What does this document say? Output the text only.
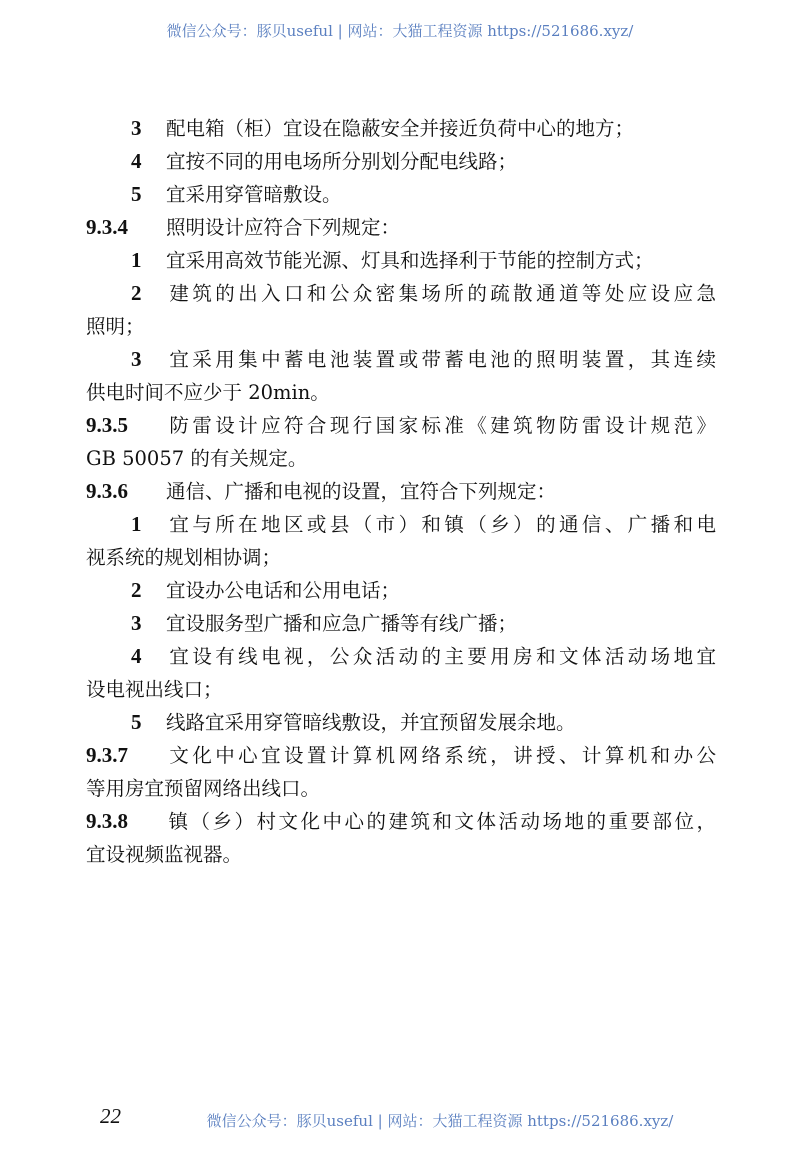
微信公众号：豚贝useful | 网站：大猫工程资源 https://521686.xyz/
3 配电箱（柜）宜设在隐蔽安全并接近负荷中心的地方；
4 宜按不同的用电场所分别划分配电线路；
5 宜采用穿管暗敷设。
9.3.4 照明设计应符合下列规定：
1 宜采用高效节能光源、灯具和选择利于节能的控制方式；
2 建筑的出入口和公众密集场所的疏散通道等处应设应急
照明；
3 宜采用集中蓄电池装置或带蓄电池的照明装置，其连续
供电时间不应少于 20min。
9.3.5 防雷设计应符合现行国家标准《建筑物防雷设计规范》
GB 50057 的有关规定。
9.3.6 通信、广播和电视的设置，宜符合下列规定：
1 宜与所在地区或县（市）和镇（乡）的通信、广播和电
视系统的规划相协调；
2 宜设办公电话和公用电话；
3 宜设服务型广播和应急广播等有线广播；
4 宜设有线电视，公众活动的主要用房和文体活动场地宜
设电视出线口；
5 线路宜采用穿管暗线敷设，并宜预留发展余地。
9.3.7 文化中心宜设置计算机网络系统，讲授、计算机和办公
等用房宜预留网络出线口。
9.3.8 镇（乡）村文化中心的建筑和文体活动场地的重要部位，
宜设视频监视器。
22	微信公众号：豚贝useful | 网站：大猫工程资源 https://521686.xyz/
